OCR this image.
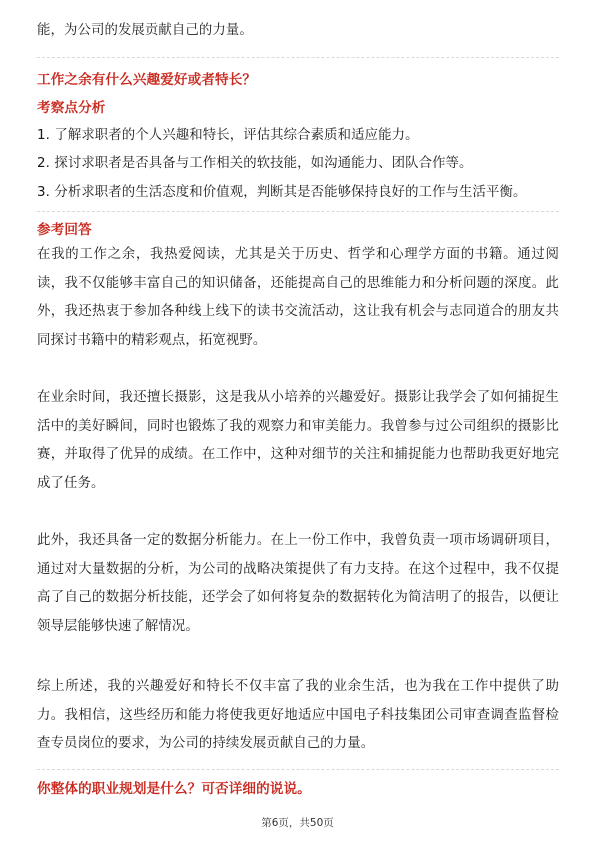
能，为公司的发展贡献自己的力量。

工作之余有什么兴趣爱好或者特长？

考察点分析

1. 了解求职者的个人兴趣和特长，评估其综合素质和适应能力。

2. 探讨求职者是否具备与工作相关的软技能，如沟通能力、团队合作等。

3. 分析求职者的生活态度和价值观，判断其是否能够保持良好的工作与生活平衡。

参考回答

在我的工作之余，我热爱阅读，尤其是关于历史、哲学和心理学方面的书籍。通过阅读，我不仅能够丰富自己的知识储备，还能提高自己的思维能力和分析问题的深度。此外，我还热衷于参加各种线上线下的读书交流活动，这让我有机会与志同道合的朋友共同探讨书籍中的精彩观点，拓宽视野。

在业余时间，我还擅长摄影，这是我从小培养的兴趣爱好。摄影让我学会了如何捕捉生活中的美好瞬间，同时也锻炼了我的观察力和审美能力。我曾参与过公司组织的摄影比赛，并取得了优异的成绩。在工作中，这种对细节的关注和捕捉能力也帮助我更好地完成了任务。

此外，我还具备一定的数据分析能力。在上一份工作中，我曾负责一项市场调研项目，通过对大量数据的分析，为公司的战略决策提供了有力支持。在这个过程中，我不仅提高了自己的数据分析技能，还学会了如何将复杂的数据转化为简洁明了的报告，以便让领导层能够快速了解情况。

综上所述，我的兴趣爱好和特长不仅丰富了我的业余生活，也为我在工作中提供了助力。我相信，这些经历和能力将使我更好地适应中国电子科技集团公司审查调查监督检查专员岗位的要求，为公司的持续发展贡献自己的力量。

你整体的职业规划是什么？可否详细的说说。

第6页，共50页
